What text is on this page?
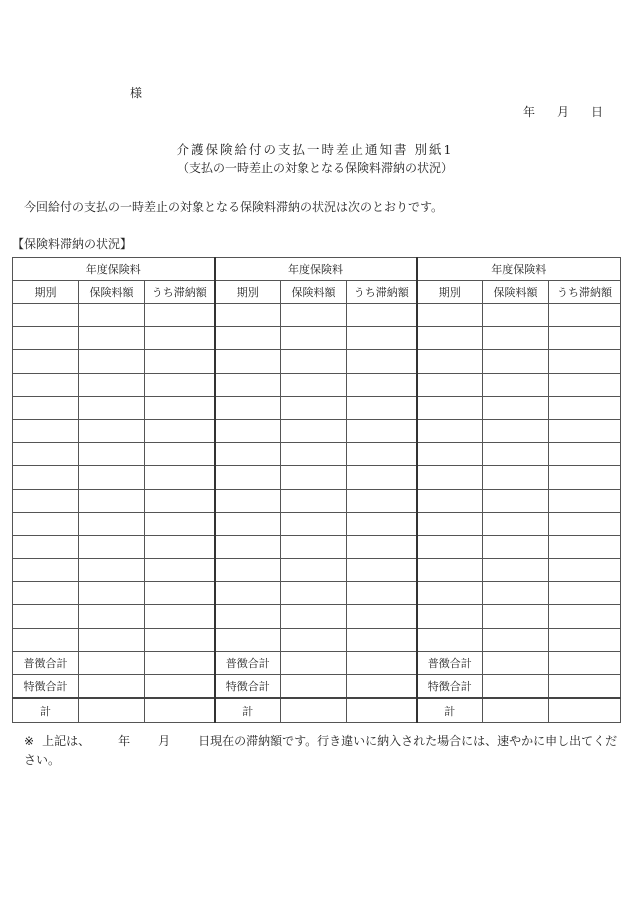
様
年 月 日
介護保険給付の支払一時差止通知書 別紙1
（支払の一時差止の対象となる保険料滞納の状況）
今回給付の支払の一時差止の対象となる保険料滞納の状況は次のとおりです。
【保険料滞納の状況】
年度保険料			年度保険料			年度保険料		
期別	保険料額	うち滞納額	期別	保険料額	うち滞納額	期別	保険料額	うち滞納額

普徴合計			普徴合計			普徴合計		
特徴合計			特徴合計			特徴合計		
計			計			計		
※ 上記は、 年 月 日現在の滞納額です。行き違いに納入された場合には、速やかに申し出てください。
